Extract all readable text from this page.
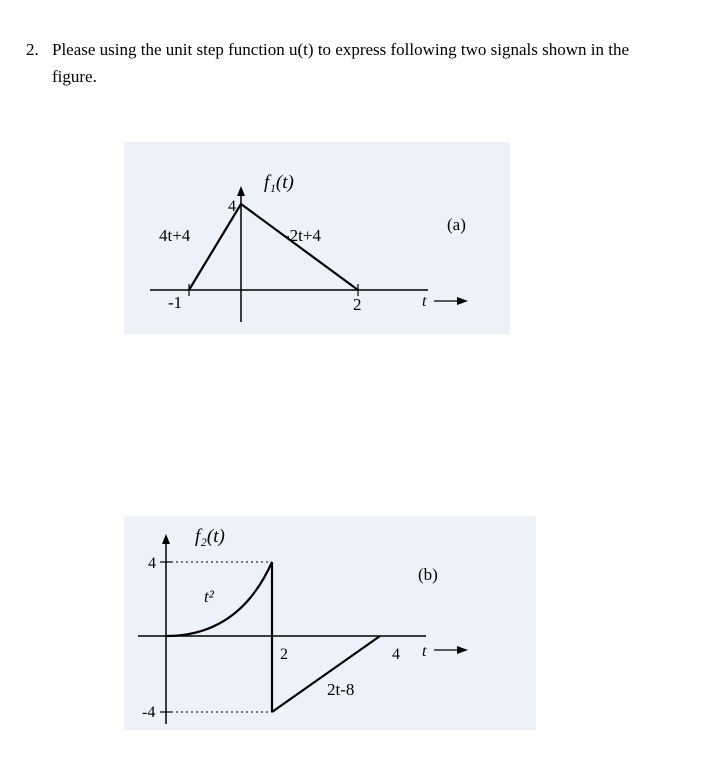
2. Please using the unit step function u(t) to express following two signals shown in the figure.
f₁(t)
4
4t+4	-2t+4
(a)
-1	2	t
f₂(t)
4
-4
t²
2	4
2t-8
(b)
t
